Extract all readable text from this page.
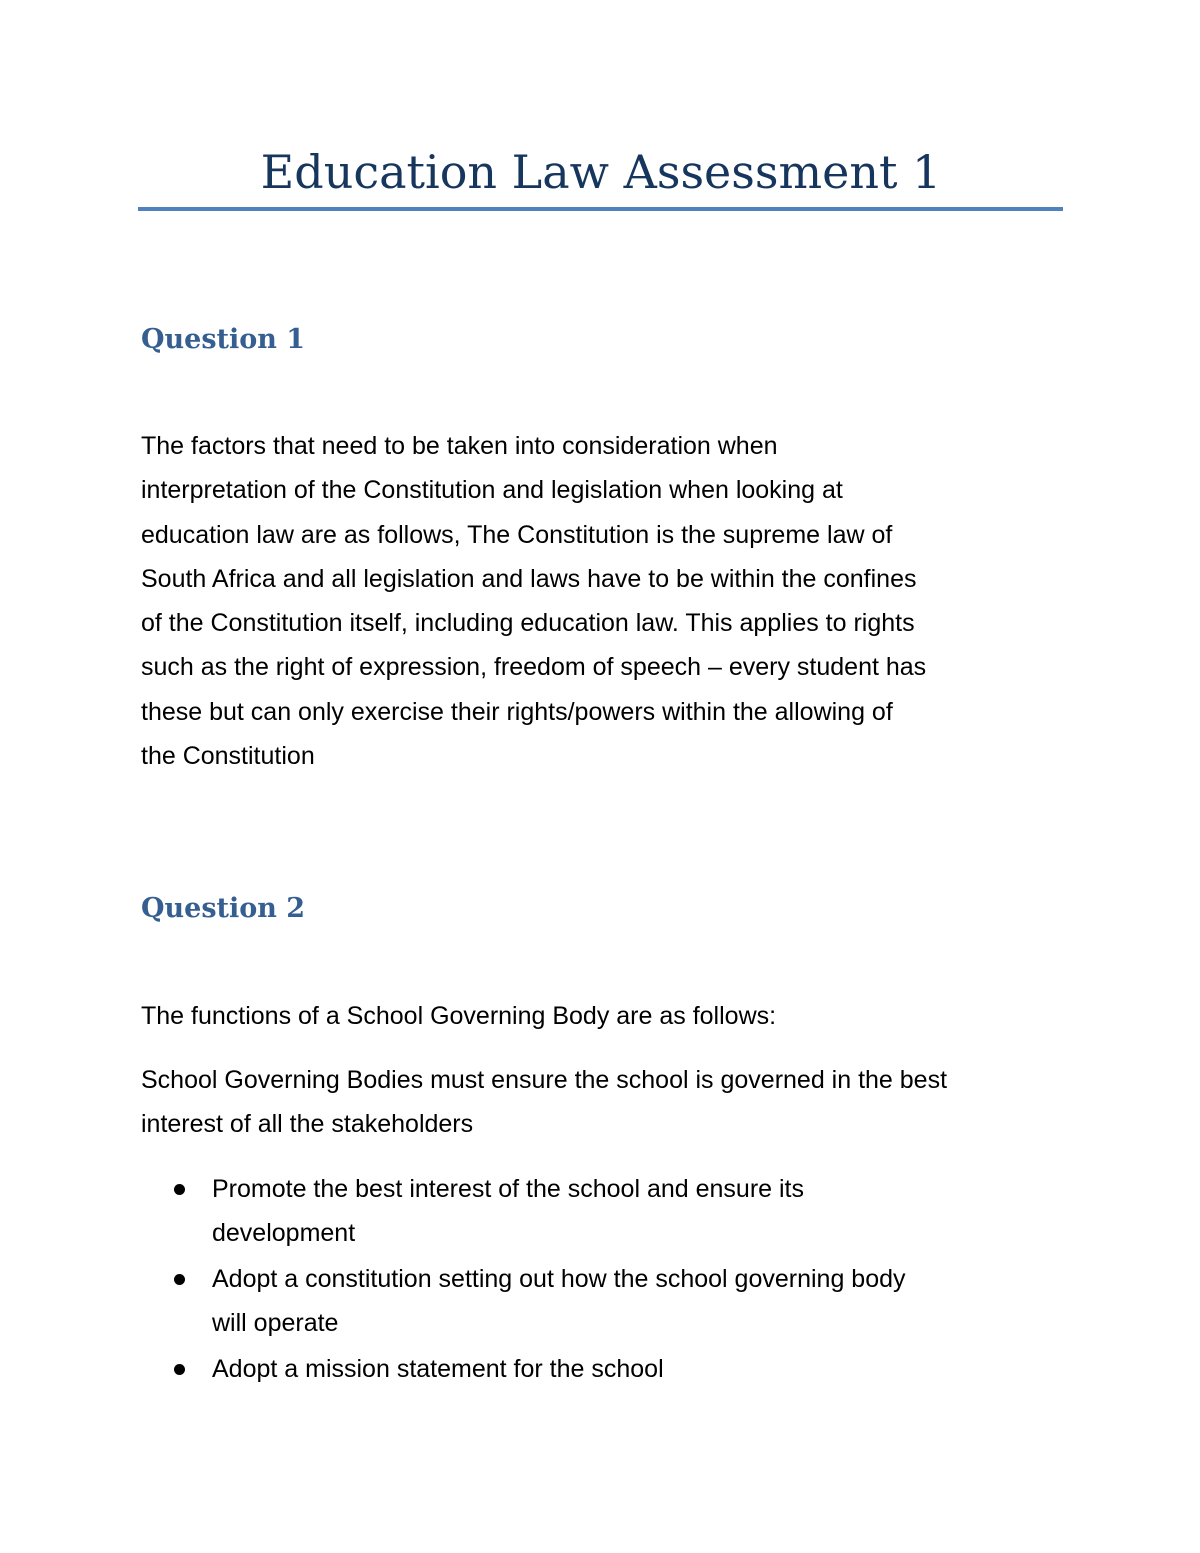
Education Law Assessment 1
Question 1

The factors that need to be taken into consideration when
interpretation of the Constitution and legislation when looking at
education law are as follows, The Constitution is the supreme law of
South Africa and all legislation and laws have to be within the confines
of the Constitution itself, including education law. This applies to rights
such as the right of expression, freedom of speech – every student has
these but can only exercise their rights/powers within the allowing of
the Constitution

Question 2

The functions of a School Governing Body are as follows:

School Governing Bodies must ensure the school is governed in the best
interest of all the stakeholders

Promote the best interest of the school and ensure its
development
Adopt a constitution setting out how the school governing body
will operate
Adopt a mission statement for the school
